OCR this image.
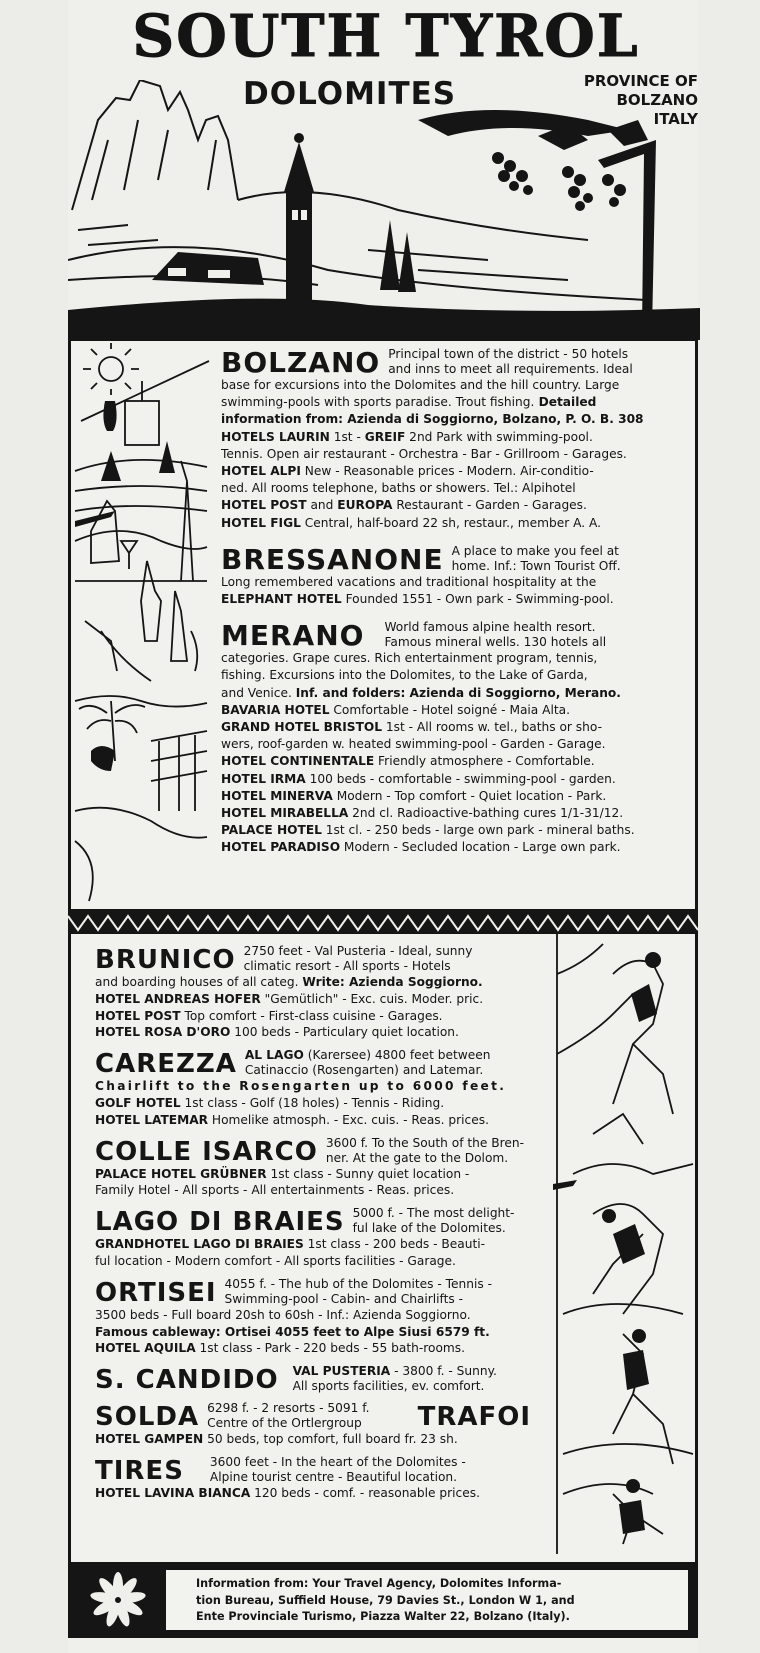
SOUTH TYROL
DOLOMITES	PROVINCE OF BOLZANO
ITALY
BOLZANO Principal town of the district - 50 hotels

and inns to meet all requirements. Ideal

base for excursions into the Dolomites and the hill country. Large

swimming-pools with sports paradise. Trout fishing. Detailed

information from: Azienda di Soggiorno, Bolzano, P. O. B. 308

HOTELS LAURIN 1st - GREIF 2nd Park with swimming-pool.

Tennis. Open air restaurant - Orchestra - Bar - Grillroom - Garages.

HOTEL ALPI New - Reasonable prices - Modern. Air-conditio-

ned. All rooms telephone, baths or showers. Tel.: Alpihotel

HOTEL POST and EUROPA Restaurant - Garden - Garages.

HOTEL FIGL Central, half-board 22 sh, restaur., member A. A.

BRESSANONE A place to make you feel at

home. Inf.: Town Tourist Off.

Long remembered vacations and traditional hospitality at the

ELEPHANT HOTEL Founded 1551 - Own park - Swimming-pool.

MERANO	World famous alpine health resort.

Famous mineral wells. 130 hotels all

categories. Grape cures. Rich entertainment program, tennis,

fishing. Excursions into the Dolomites, to the Lake of Garda,

and Venice. Inf. and folders: Azienda di Soggiorno, Merano.

BAVARIA HOTEL Comfortable - Hotel soigné - Maia Alta.

GRAND HOTEL BRISTOL 1st - All rooms w. tel., baths or sho-

wers, roof-garden w. heated swimming-pool - Garden - Garage.

HOTEL CONTINENTALE Friendly atmosphere - Comfortable.

HOTEL IRMA 100 beds - comfortable - swimming-pool - garden.

HOTEL MINERVA Modern - Top comfort - Quiet location - Park.

HOTEL MIRABELLA 2nd cl. Radioactive-bathing cures 1/1-31/12.

PALACE HOTEL 1st cl. - 250 beds - large own park - mineral baths.

HOTEL PARADISO Modern - Secluded location - Large own park.

BRUNICO 2750 feet - Val Pusteria - Ideal, sunny

climatic resort - All sports - Hotels

and boarding houses of all categ. Write: Azienda Soggiorno.

HOTEL ANDREAS HOFER "Gemütlich" - Exc. cuis. Moder. pric.

HOTEL POST Top comfort - First-class cuisine - Garages.

HOTEL ROSA D'ORO 100 beds - Particulary quiet location.

CAREZZA AL LAGO (Karersee) 4800 feet between

Catinaccio (Rosengarten) and Latemar.

Chairlift to the Rosengarten up to 6000 feet.

GOLF HOTEL 1st class - Golf (18 holes) - Tennis - Riding.

HOTEL LATEMAR Homelike atmosph. - Exc. cuis. - Reas. prices.

COLLE ISARCO 3600 f. To the South of the Bren-

ner. At the gate to the Dolom.

PALACE HOTEL GRÜBNER 1st class - Sunny quiet location -

Family Hotel - All sports - All entertainments - Reas. prices.

LAGO DI BRAIES 5000 f. - The most delight-

ful lake of the Dolomites.

GRANDHOTEL LAGO DI BRAIES 1st class - 200 beds - Beauti-

ful location - Modern comfort - All sports facilities - Garage.

ORTISEI 4055 f. - The hub of the Dolomites - Tennis -

Swimming-pool - Cabin- and Chairlifts -

3500 beds - Full board 20sh to 60sh - Inf.: Azienda Soggiorno.

Famous cableway: Ortisei 4055 feet to Alpe Siusi 6579 ft.

HOTEL AQUILA 1st class - Park - 220 beds - 55 bath-rooms.

S. CANDIDO	VAL PUSTERIA - 3800 f. - Sunny.

All sports facilities, ev. comfort.

SOLDA	TRAFOI

6298 f. - 2 resorts - 5091 f.

Centre of the Ortlergroup

HOTEL GAMPEN 50 beds, top comfort, full board fr. 23 sh.

TIRES	3600 feet - In the heart of the Dolomites -

Alpine tourist centre - Beautiful location.

HOTEL LAVINA BIANCA 120 beds - comf. - reasonable prices.

Information from: Your Travel Agency, Dolomites Informa-
tion Bureau, Suffield House, 79 Davies St., London W 1, and
Ente Provinciale Turismo, Piazza Walter 22, Bolzano (Italy).
